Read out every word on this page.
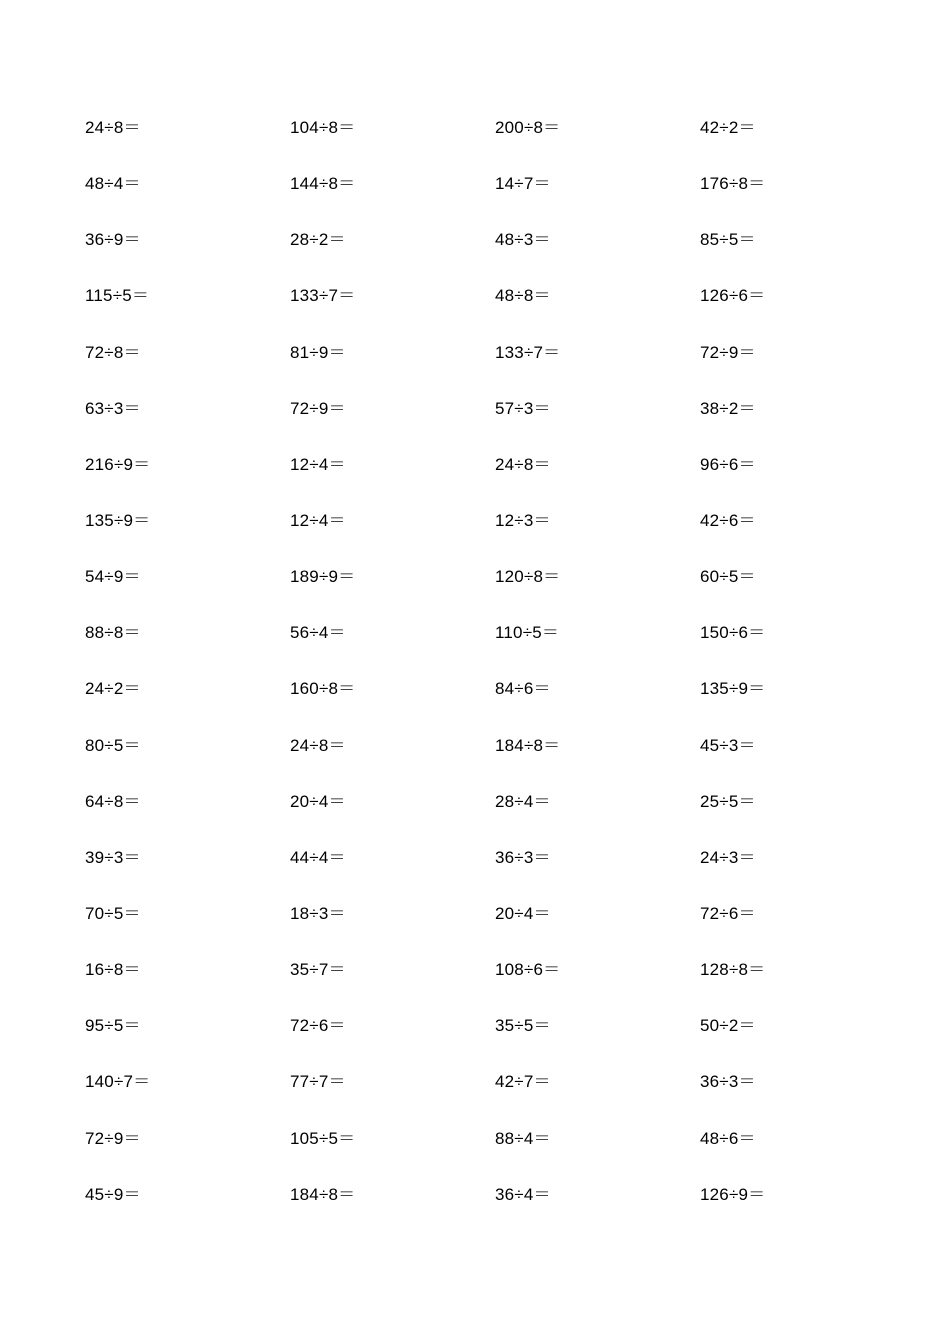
24÷8＝	104÷8＝	200÷8＝	42÷2＝
48÷4＝	144÷8＝	14÷7＝	176÷8＝
36÷9＝	28÷2＝	48÷3＝	85÷5＝
115÷5＝	133÷7＝	48÷8＝	126÷6＝
72÷8＝	81÷9＝	133÷7＝	72÷9＝
63÷3＝	72÷9＝	57÷3＝	38÷2＝
216÷9＝	12÷4＝	24÷8＝	96÷6＝
135÷9＝	12÷4＝	12÷3＝	42÷6＝
54÷9＝	189÷9＝	120÷8＝	60÷5＝
88÷8＝	56÷4＝	110÷5＝	150÷6＝
24÷2＝	160÷8＝	84÷6＝	135÷9＝
80÷5＝	24÷8＝	184÷8＝	45÷3＝
64÷8＝	20÷4＝	28÷4＝	25÷5＝
39÷3＝	44÷4＝	36÷3＝	24÷3＝
70÷5＝	18÷3＝	20÷4＝	72÷6＝
16÷8＝	35÷7＝	108÷6＝	128÷8＝
95÷5＝	72÷6＝	35÷5＝	50÷2＝
140÷7＝	77÷7＝	42÷7＝	36÷3＝
72÷9＝	105÷5＝	88÷4＝	48÷6＝
45÷9＝	184÷8＝	36÷4＝	126÷9＝
